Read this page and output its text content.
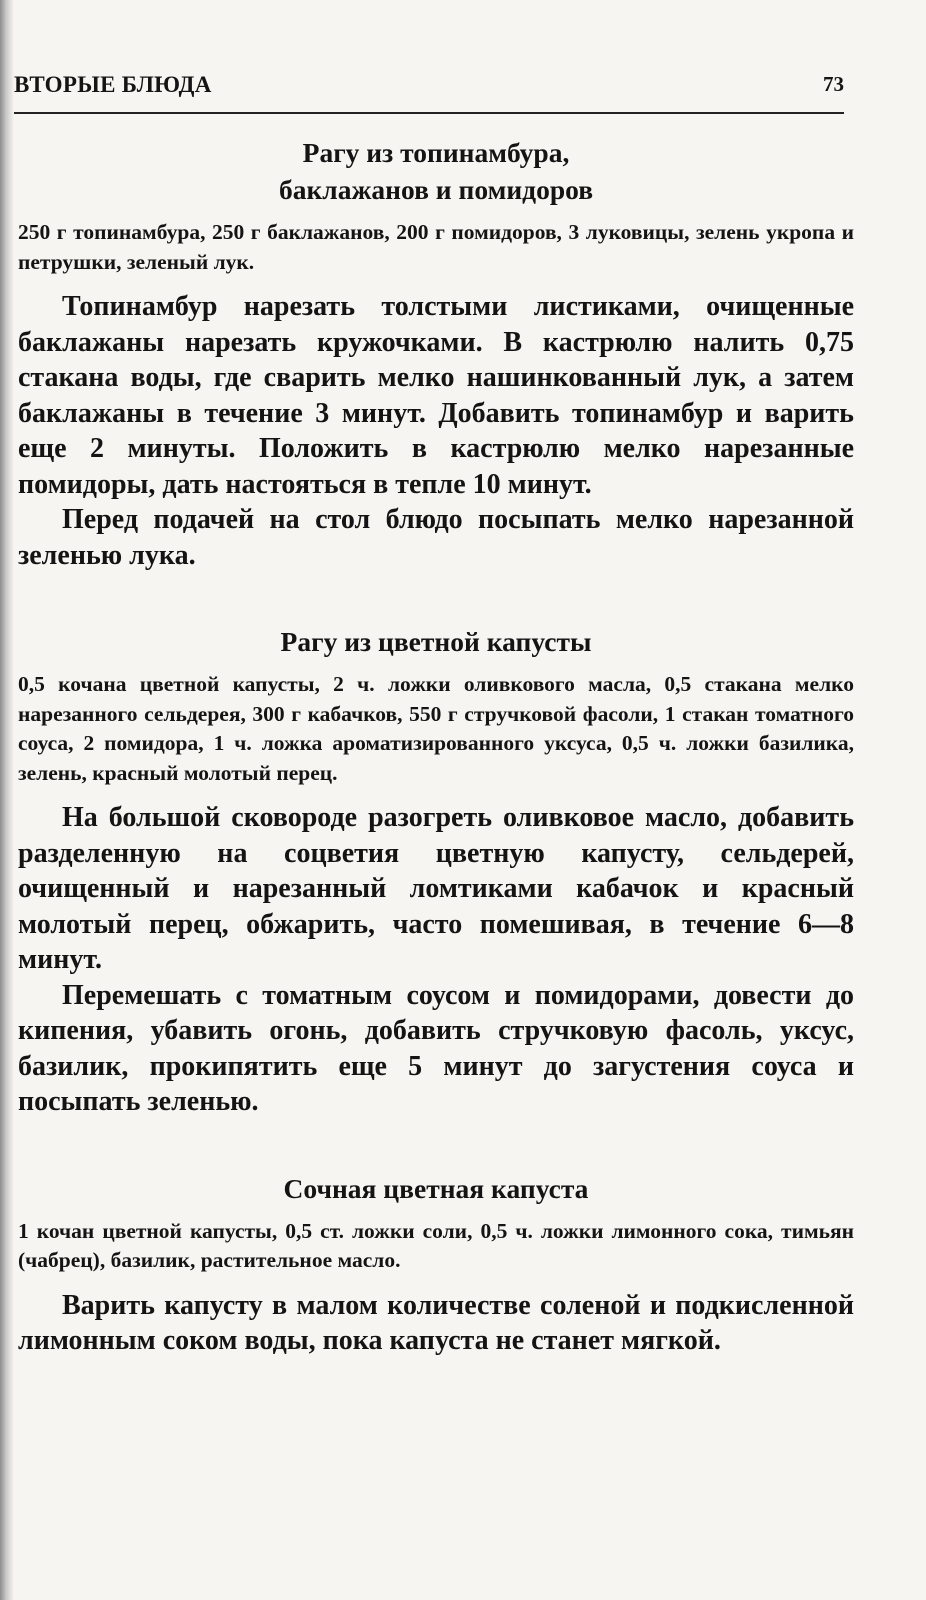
ВТОРЫЕ БЛЮДА	73
Рагу из топинамбура,
баклажанов и помидоров

250 г топинамбура, 250 г баклажанов, 200 г помидоров, 3 луковицы, зелень укропа и петрушки, зеленый лук.

Топинамбур нарезать толстыми листиками, очищенные баклажаны нарезать кружочками. В кастрюлю налить 0,75 стакана воды, где сварить мелко нашинкованный лук, а затем баклажаны в течение 3 минут. Добавить топинамбур и варить еще 2 минуты. Положить в кастрюлю мелко нарезанные помидоры, дать настояться в тепле 10 минут.

Перед подачей на стол блюдо посыпать мелко нарезанной зеленью лука.

Рагу из цветной капусты

0,5 кочана цветной капусты, 2 ч. ложки оливкового масла, 0,5 стакана мелко нарезанного сельдерея, 300 г кабачков, 550 г стручковой фасоли, 1 стакан томатного соуса, 2 помидора, 1 ч. ложка ароматизированного уксуса, 0,5 ч. ложки базилика, зелень, красный молотый перец.

На большой сковороде разогреть оливковое масло, добавить разделенную на соцветия цветную капусту, сельдерей, очищенный и нарезанный ломтиками кабачок и красный молотый перец, обжарить, часто помешивая, в течение 6—8 минут.

Перемешать с томатным соусом и помидорами, довести до кипения, убавить огонь, добавить стручковую фасоль, уксус, базилик, прокипятить еще 5 минут до загустения соуса и посыпать зеленью.

Сочная цветная капуста

1 кочан цветной капусты, 0,5 ст. ложки соли, 0,5 ч. ложки лимонного сока, тимьян (чабрец), базилик, растительное масло.

Варить капусту в малом количестве соленой и подкисленной лимонным соком воды, пока капуста не станет мягкой.
